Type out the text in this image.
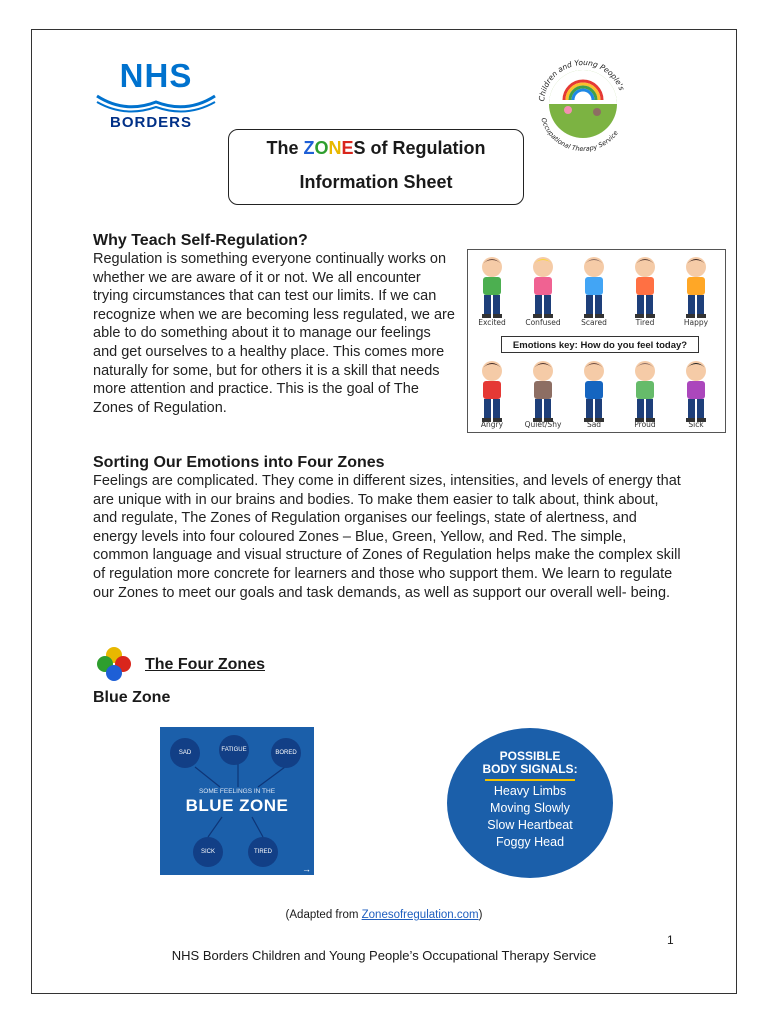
NHS
BORDERS
Children and Young People's
Occupational Therapy Service
The ZONES of Regulation
Information Sheet
Why Teach Self-Regulation?

Regulation is something everyone continually works on whether we are aware of it or not. We all encounter trying circumstances that can test our limits. If we can recognize when we are becoming less regulated, we are able to do something about it to manage our feelings and get ourselves to a healthy place. This comes more naturally for some, but for others it is a skill that needs more attention and practice. This is the goal of The Zones of Regulation.

Excited	Confused	Scared	Tired	Happy
Angry	Quiet/Shy	Sad	Proud	Sick
Emotions key: How do you feel today?
Sorting Our Emotions into Four Zones

Feelings are complicated. They come in different sizes, intensities, and levels of energy that are unique with in our brains and bodies. To make them easier to talk about, think about, and regulate, The Zones of Regulation organises our feelings, state of alertness, and energy levels into four coloured Zones – Blue, Green, Yellow, and Red. The simple, common language and visual structure of Zones of Regulation helps make the complex skill of regulation more concrete for learners and those who support them. We learn to regulate our Zones to meet our goals and task demands, as well as support our overall well- being.

The Four Zones
Blue Zone
SAD	FATIGUE	BORED
SOME FEELINGS IN THE
BLUE ZONE
SICK	TIRED
→
POSSIBLE
BODY SIGNALS:
Heavy Limbs
Moving Slowly
Slow Heartbeat
Foggy Head
(Adapted from Zonesofregulation.com)
1
NHS Borders Children and Young People’s Occupational Therapy Service
